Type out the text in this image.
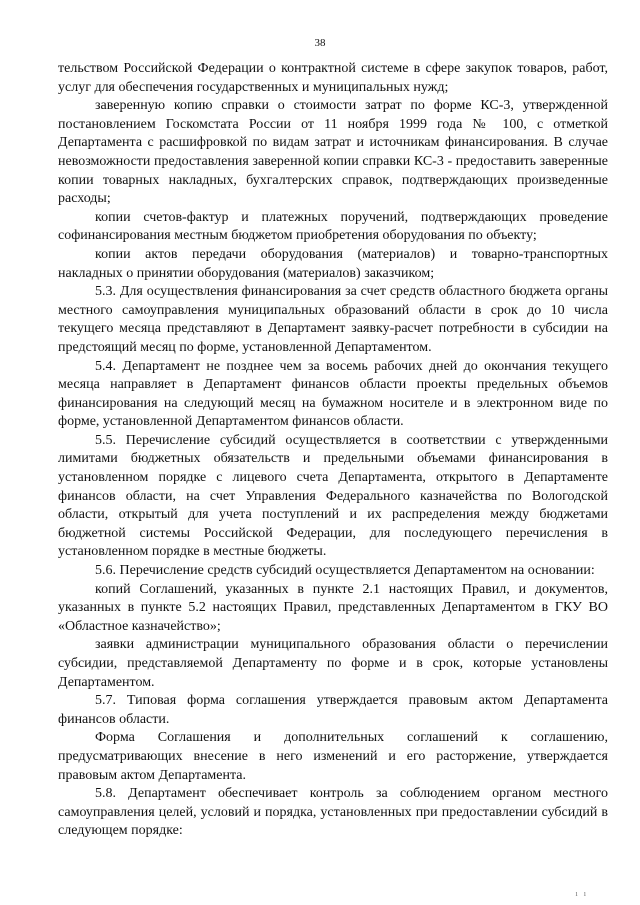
38

тельством Российской Федерации о контрактной системе в сфере закупок товаров, работ, услуг для обеспечения государственных и муниципальных нужд;

заверенную копию справки о стоимости затрат по форме КС-3, утвержденной постановлением Госкомстата России от 11 ноября 1999 года № 100, с отметкой Департамента с расшифровкой по видам затрат и источникам финансирования. В случае невозможности предоставления заверенной копии справки КС-3 - предоставить заверенные копии товарных накладных, бухгалтерских справок, подтверждающих произведенные расходы;

копии счетов-фактур и платежных поручений, подтверждающих проведение софинансирования местным бюджетом приобретения оборудования по объекту;

копии актов передачи оборудования (материалов) и товарно-транспортных накладных о принятии оборудования (материалов) заказчиком;

5.3. Для осуществления финансирования за счет средств областного бюджета органы местного самоуправления муниципальных образований области в срок до 10 числа текущего месяца представляют в Департамент заявку-расчет потребности в субсидии на предстоящий месяц по форме, установленной Департаментом.

5.4. Департамент не позднее чем за восемь рабочих дней до окончания текущего месяца направляет в Департамент финансов области проекты предельных объемов финансирования на следующий месяц на бумажном носителе и в электронном виде по форме, установленной Департаментом финансов области.

5.5. Перечисление субсидий осуществляется в соответствии с утвержденными лимитами бюджетных обязательств и предельными объемами финансирования в установленном порядке с лицевого счета Департамента, открытого в Департаменте финансов области, на счет Управления Федерального казначейства по Вологодской области, открытый для учета поступлений и их распределения между бюджетами бюджетной системы Российской Федерации, для последующего перечисления в установленном порядке в местные бюджеты.

5.6. Перечисление средств субсидий осуществляется Департаментом на основании:

копий Соглашений, указанных в пункте 2.1 настоящих Правил, и документов, указанных в пункте 5.2 настоящих Правил, представленных Департаментом в ГКУ ВО «Областное казначейство»;

заявки администрации муниципального образования области о перечислении субсидии, представляемой Департаменту по форме и в срок, которые установлены Департаментом.

5.7. Типовая форма соглашения утверждается правовым актом Департамента финансов области.

Форма Соглашения и дополнительных соглашений к соглашению, предусматривающих внесение в него изменений и его расторжение, утверждается правовым актом Департамента.

5.8. Департамент обеспечивает контроль за соблюдением органом местного самоуправления целей, условий и порядка, установленных при предоставлении субсидий в следующем порядке:

ı ı
